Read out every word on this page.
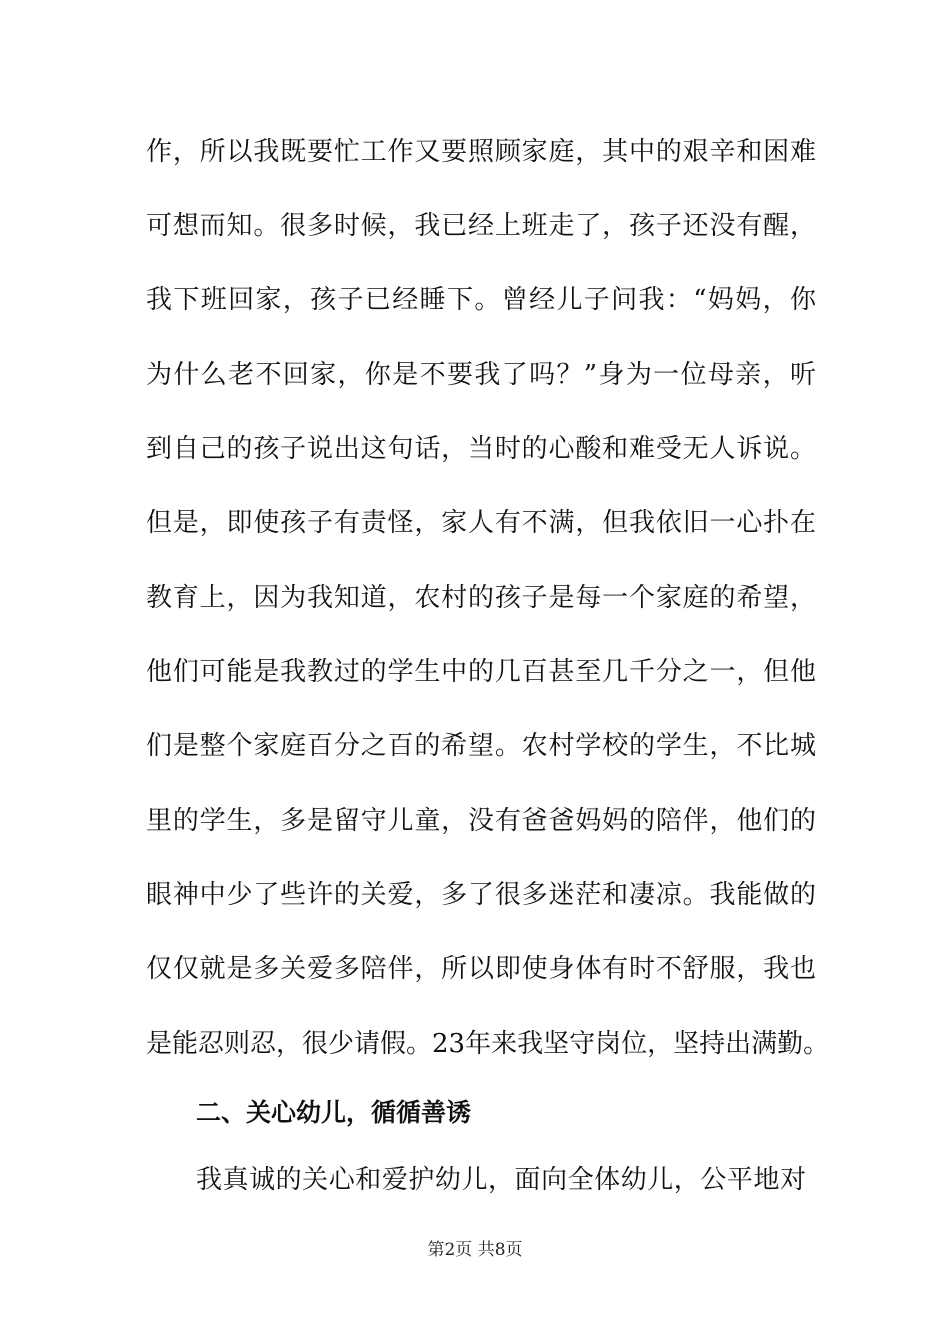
作，所以我既要忙工作又要照顾家庭，其中的艰辛和困难
可想而知。很多时候，我已经上班走了，孩子还没有醒，
我下班回家，孩子已经睡下。曾经儿子问我：“妈妈，你
为什么老不回家，你是不要我了吗？”身为一位母亲，听
到自己的孩子说出这句话，当时的心酸和难受无人诉说。
但是，即使孩子有责怪，家人有不满，但我依旧一心扑在
教育上，因为我知道，农村的孩子是每一个家庭的希望，
他们可能是我教过的学生中的几百甚至几千分之一，但他
们是整个家庭百分之百的希望。农村学校的学生，不比城
里的学生，多是留守儿童，没有爸爸妈妈的陪伴，他们的
眼神中少了些许的关爱，多了很多迷茫和凄凉。我能做的
仅仅就是多关爱多陪伴，所以即使身体有时不舒服，我也
是能忍则忍，很少请假。23年来我坚守岗位，坚持出满勤。
二、关心幼儿，循循善诱
我真诚的关心和爱护幼儿，面向全体幼儿，公平地对
第2页 共8页
